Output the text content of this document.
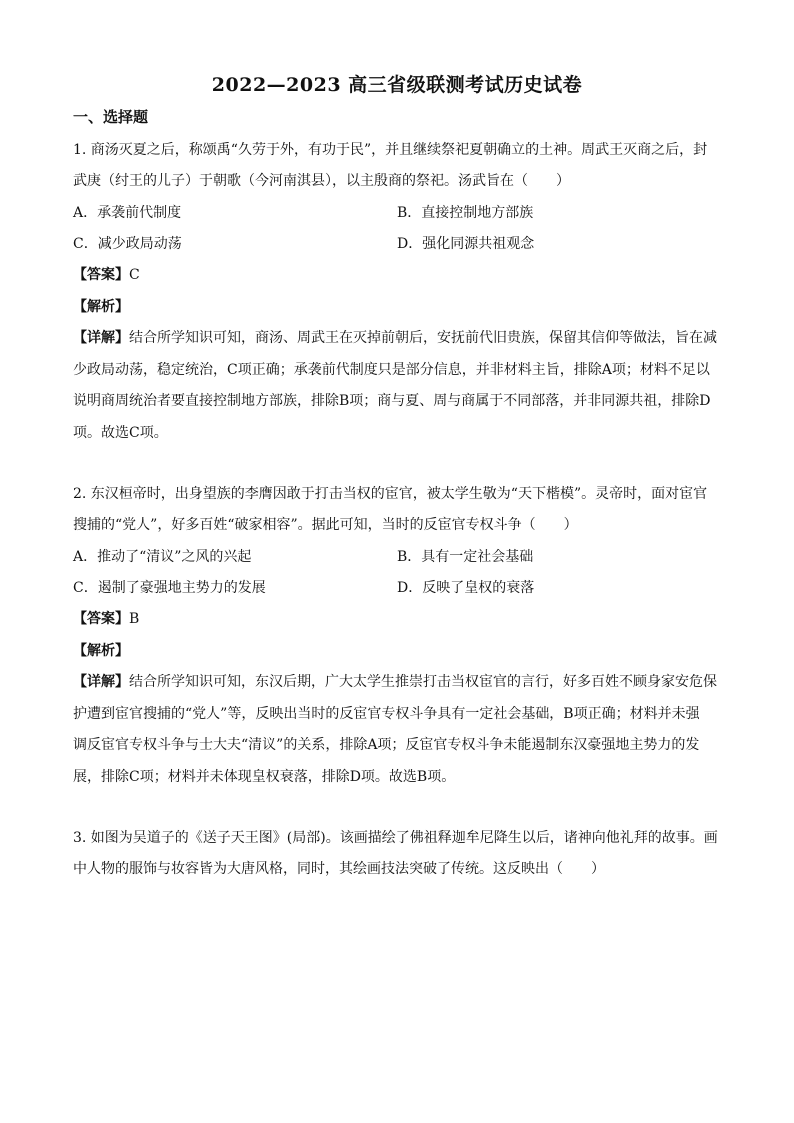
2022—2023 高三省级联测考试历史试卷
一、选择题
1. 商汤灭夏之后，称颂禹“久劳于外，有功于民”，并且继续祭祀夏朝确立的土神。周武王灭商之后，封
武庚（纣王的儿子）于朝歌（今河南淇县），以主殷商的祭祀。汤武旨在（　　）
A．承袭前代制度	B．直接控制地方部族
C．减少政局动荡	D．强化同源共祖观念
【答案】C
【解析】
【详解】结合所学知识可知，商汤、周武王在灭掉前朝后，安抚前代旧贵族，保留其信仰等做法，旨在减
少政局动荡，稳定统治，C项正确；承袭前代制度只是部分信息，并非材料主旨，排除A项；材料不足以
说明商周统治者要直接控制地方部族，排除B项；商与夏、周与商属于不同部落，并非同源共祖，排除D
项。故选C项。
2. 东汉桓帝时，出身望族的李膺因敢于打击当权的宦官，被太学生敬为“天下楷模”。灵帝时，面对宦官
搜捕的“党人”，好多百姓“破家相容”。据此可知，当时的反宦官专权斗争（　　）
A．推动了“清议”之风的兴起	B．具有一定社会基础
C．遏制了豪强地主势力的发展	D．反映了皇权的衰落
【答案】B
【解析】
【详解】结合所学知识可知，东汉后期，广大太学生推崇打击当权宦官的言行，好多百姓不顾身家安危保
护遭到宦官搜捕的“党人”等，反映出当时的反宦官专权斗争具有一定社会基础，B项正确；材料并未强
调反宦官专权斗争与士大夫“清议”的关系，排除A项；反宦官专权斗争未能遏制东汉豪强地主势力的发
展，排除C项；材料并未体现皇权衰落，排除D项。故选B项。
3. 如图为吴道子的《送子天王图》(局部)。该画描绘了佛祖释迦牟尼降生以后，诸神向他礼拜的故事。画
中人物的服饰与妆容皆为大唐风格，同时，其绘画技法突破了传统。这反映出（　　）
